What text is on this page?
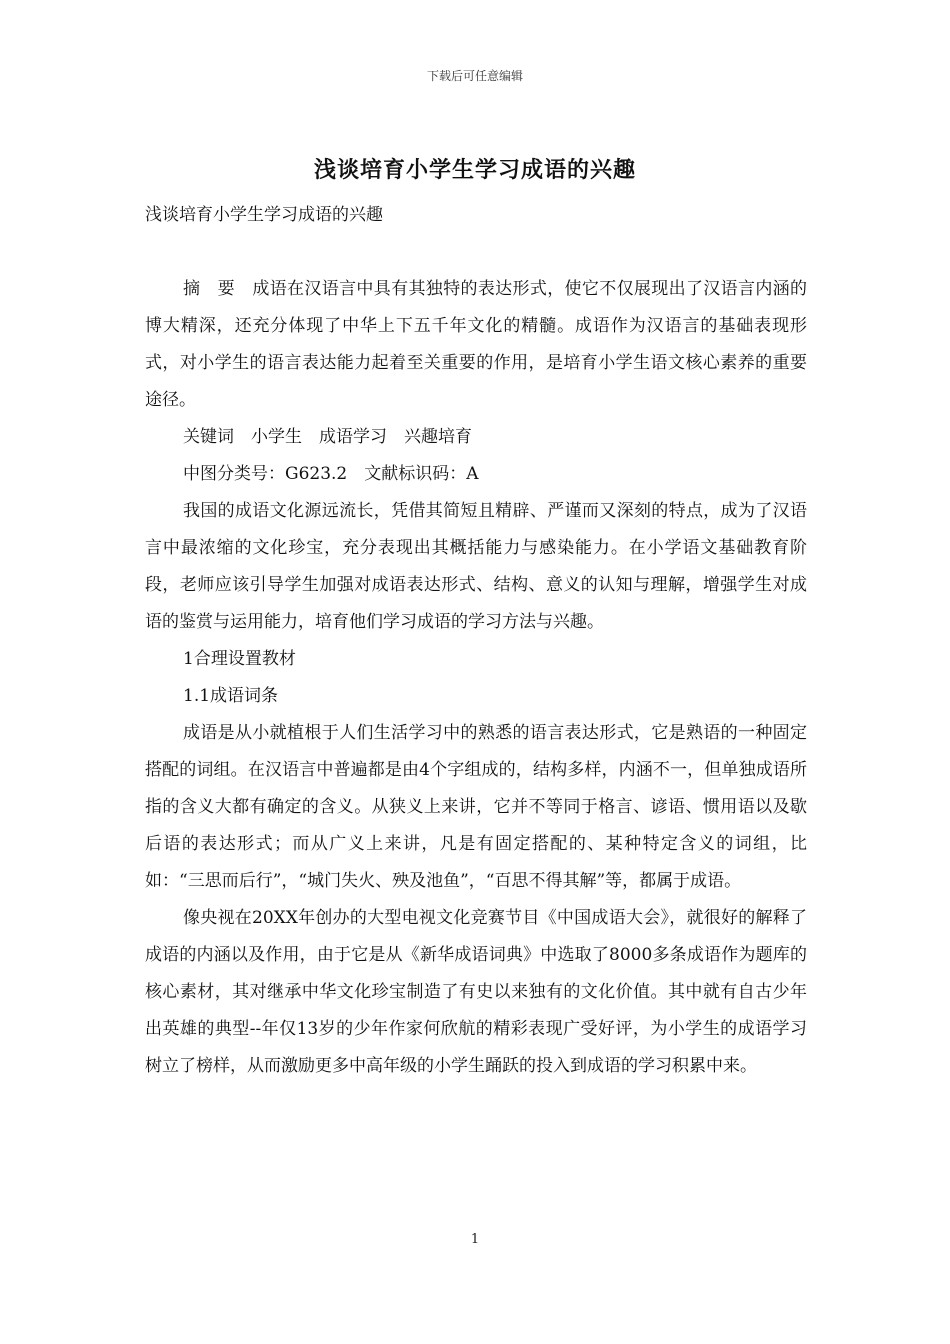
下载后可任意编辑
浅谈培育小学生学习成语的兴趣

浅谈培育小学生学习成语的兴趣

摘　要　成语在汉语言中具有其独特的表达形式，使它不仅展现出了汉语言内涵的博大精深，还充分体现了中华上下五千年文化的精髓。成语作为汉语言的基础表现形式，对小学生的语言表达能力起着至关重要的作用，是培育小学生语文核心素养的重要途径。

关键词　小学生　成语学习　兴趣培育

中图分类号：G623.2　文献标识码：A

我国的成语文化源远流长，凭借其简短且精辟、严谨而又深刻的特点，成为了汉语言中最浓缩的文化珍宝，充分表现出其概括能力与感染能力。在小学语文基础教育阶段，老师应该引导学生加强对成语表达形式、结构、意义的认知与理解，增强学生对成语的鉴赏与运用能力，培育他们学习成语的学习方法与兴趣。

1合理设置教材

1.1成语词条

成语是从小就植根于人们生活学习中的熟悉的语言表达形式，它是熟语的一种固定搭配的词组。在汉语言中普遍都是由4个字组成的，结构多样，内涵不一，但单独成语所指的含义大都有确定的含义。从狭义上来讲，它并不等同于格言、谚语、惯用语以及歇后语的表达形式；而从广义上来讲，凡是有固定搭配的、某种特定含义的词组，比如：“三思而后行”，“城门失火、殃及池鱼”，“百思不得其解”等，都属于成语。

像央视在20XX年创办的大型电视文化竞赛节目《中国成语大会》，就很好的解释了成语的内涵以及作用，由于它是从《新华成语词典》中选取了8000多条成语作为题库的核心素材，其对继承中华文化珍宝制造了有史以来独有的文化价值。其中就有自古少年出英雄的典型--年仅13岁的少年作家何欣航的精彩表现广受好评，为小学生的成语学习树立了榜样，从而激励更多中高年级的小学生踊跃的投入到成语的学习积累中来。

1
